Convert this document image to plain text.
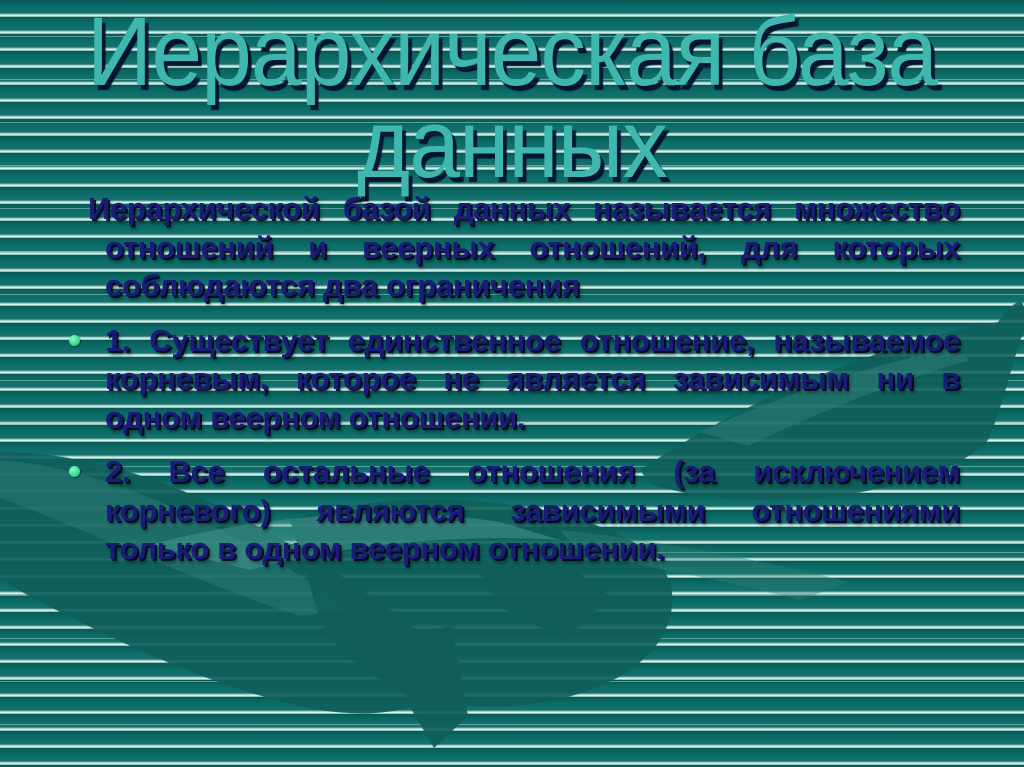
Иерархическая база
данных
Иерархической базой данных называется множество
отношений и веерных отношений, для которых
соблюдаются два ограничения
1. Существует единственное отношение, называемое
корневым, которое не является зависимым ни в
одном веерном отношении.
2. Все остальные отношения (за исключением
корневого) являются зависимыми отношениями
только в одном веерном отношении.
